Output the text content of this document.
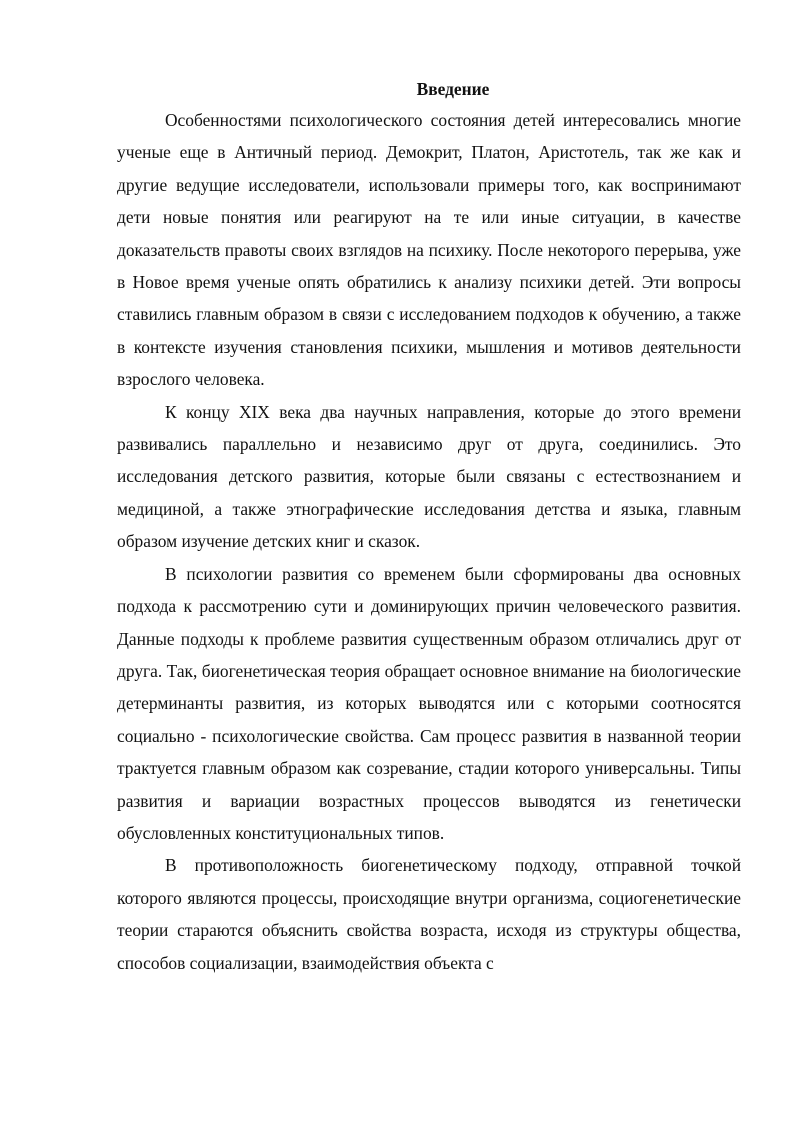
Введение

Особенностями психологического состояния детей интересовались многие ученые еще в Античный период. Демокрит, Платон, Аристотель, так же как и другие ведущие исследователи, использовали примеры того, как воспринимают дети новые понятия или реагируют на те или иные ситуации, в качестве доказательств правоты своих взглядов на психику. После некоторого перерыва, уже в Новое время ученые опять обратились к анализу психики детей. Эти вопросы ставились главным образом в связи с исследованием подходов к обучению, а также в контексте изучения становления психики, мышления и мотивов деятельности взрослого человека.

К концу XIX века два научных направления, которые до этого времени развивались параллельно и независимо друг от друга, соединились. Это исследования детского развития, которые были связаны с естествознанием и медициной, а также этнографические исследования детства и языка, главным образом изучение детских книг и сказок.

В психологии развития со временем были сформированы два основных подхода к рассмотрению сути и доминирующих причин человеческого развития. Данные подходы к проблеме развития существенным образом отличались друг от друга. Так, биогенетическая теория обращает основное внимание на биологические детерминанты развития, из которых выводятся или с которыми соотносятся социально - психологические свойства. Сам процесс развития в названной теории трактуется главным образом как созревание, стадии которого универсальны. Типы развития и вариации возрастных процессов выводятся из генетически обусловленных конституциональных типов.

В противоположность биогенетическому подходу, отправной точкой которого являются процессы, происходящие внутри организма, социогенетические теории стараются объяснить свойства возраста, исходя из структуры общества, способов социализации, взаимодействия объекта с
